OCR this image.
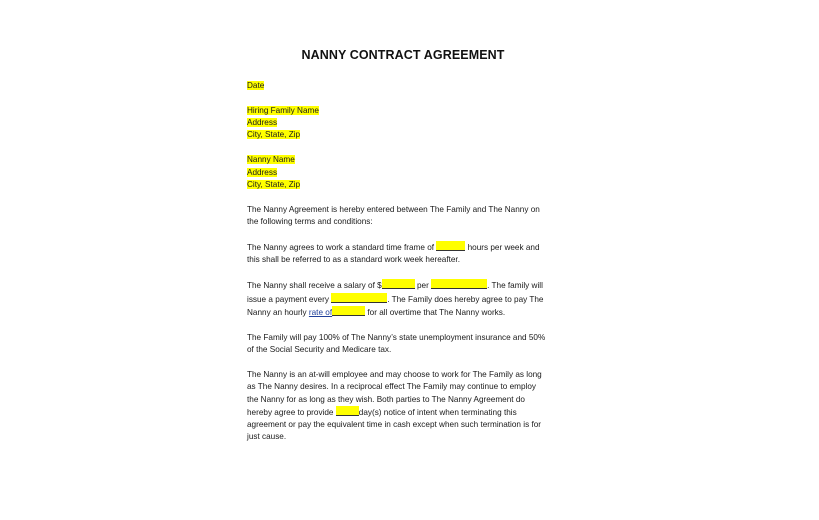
NANNY CONTRACT AGREEMENT
Date
Hiring Family Name
Address
City, State, Zip
Nanny Name
Address
City, State, Zip
The Nanny Agreement is hereby entered between The Family and The Nanny on
the following terms and conditions:
The Nanny agrees to work a standard time frame of	hours per week and
this shall be referred to as a standard work week hereafter.
The Nanny shall receive a salary of $	per	. The family will
issue a payment every	. The Family does hereby agree to pay The
Nanny an hourly rate of	for all overtime that The Nanny works.
The Family will pay 100% of The Nanny’s state unemployment insurance and 50%
of the Social Security and Medicare tax.
The Nanny is an at-will employee and may choose to work for The Family as long
as The Nanny desires. In a reciprocal effect The Family may continue to employ
the Nanny for as long as they wish. Both parties to The Nanny Agreement do
hereby agree to provide	day(s) notice of intent when terminating this
agreement or pay the equivalent time in cash except when such termination is for
just cause.
